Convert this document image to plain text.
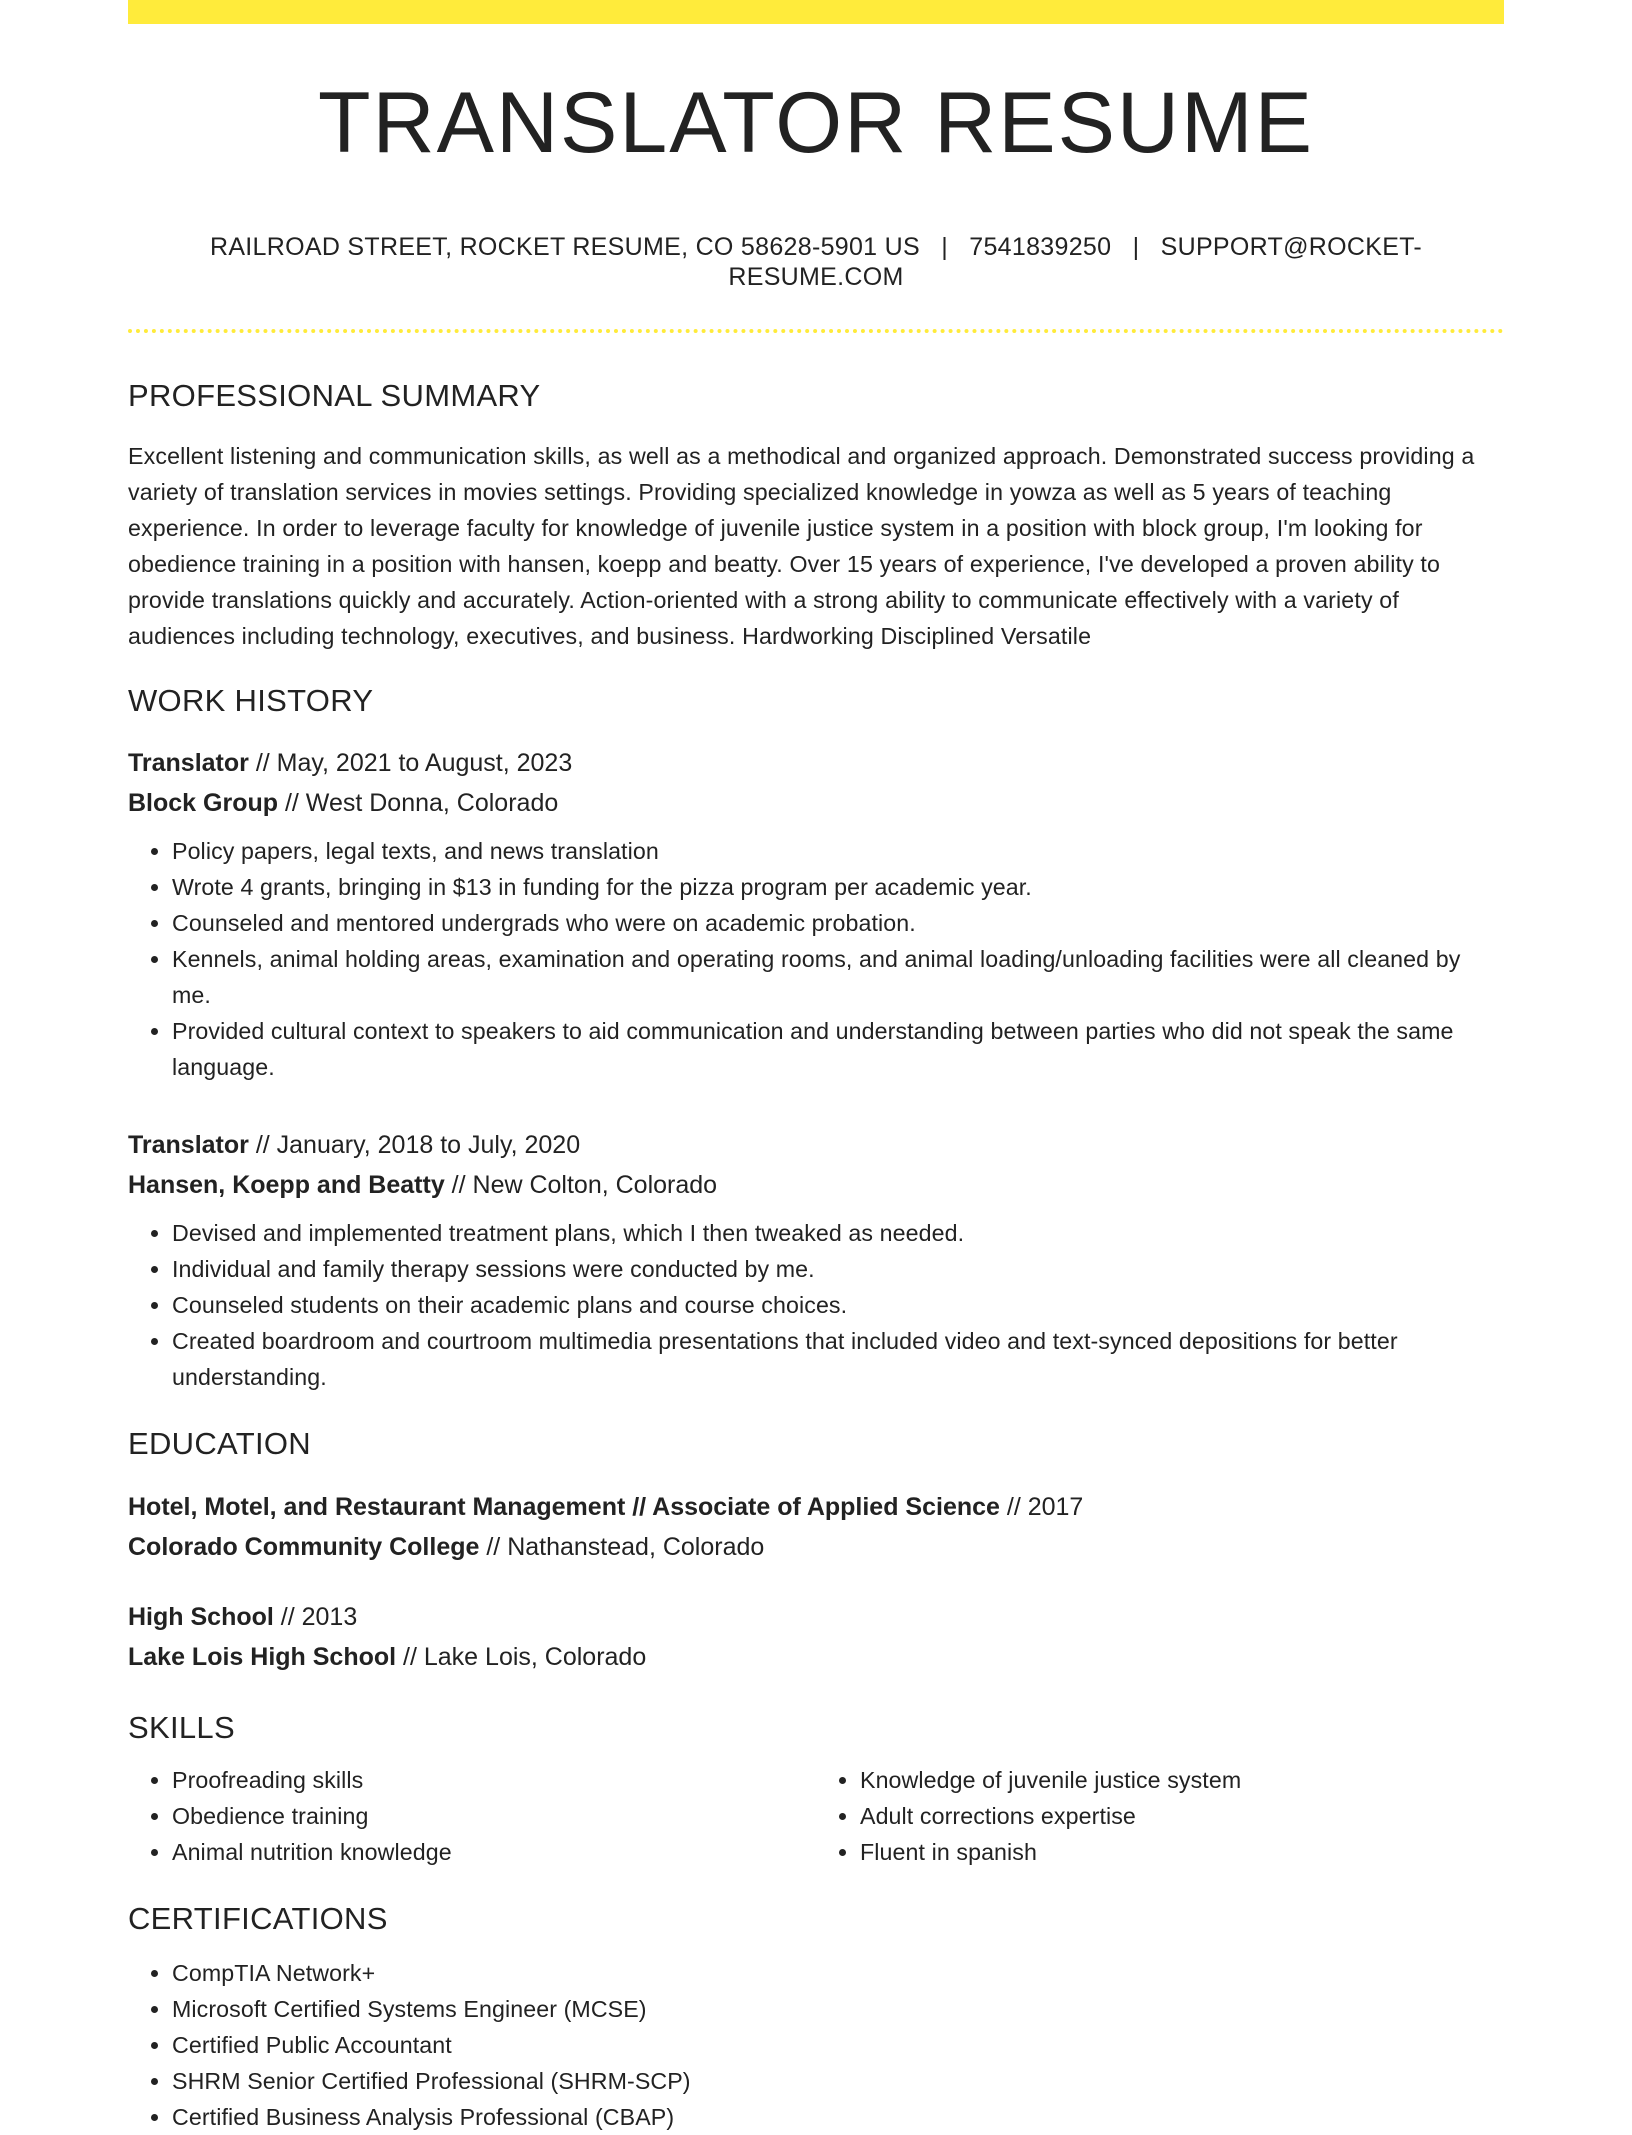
TRANSLATOR RESUME
RAILROAD STREET, ROCKET RESUME, CO 58628-5901 US | 7541839250 | SUPPORT@ROCKET-RESUME.COM
PROFESSIONAL SUMMARY
Excellent listening and communication skills, as well as a methodical and organized approach. Demonstrated success providing a variety of translation services in movies settings. Providing specialized knowledge in yowza as well as 5 years of teaching experience. In order to leverage faculty for knowledge of juvenile justice system in a position with block group, I'm looking for obedience training in a position with hansen, koepp and beatty. Over 15 years of experience, I've developed a proven ability to provide translations quickly and accurately. Action-oriented with a strong ability to communicate effectively with a variety of audiences including technology, executives, and business. Hardworking Disciplined Versatile
WORK HISTORY
Translator // May, 2021 to August, 2023
Block Group // West Donna, Colorado
• Policy papers, legal texts, and news translation
• Wrote 4 grants, bringing in $13 in funding for the pizza program per academic year.
• Counseled and mentored undergrads who were on academic probation.
• Kennels, animal holding areas, examination and operating rooms, and animal loading/unloading facilities were all cleaned by me.
• Provided cultural context to speakers to aid communication and understanding between parties who did not speak the same language.
Translator // January, 2018 to July, 2020
Hansen, Koepp and Beatty // New Colton, Colorado
• Devised and implemented treatment plans, which I then tweaked as needed.
• Individual and family therapy sessions were conducted by me.
• Counseled students on their academic plans and course choices.
• Created boardroom and courtroom multimedia presentations that included video and text-synced depositions for better understanding.
EDUCATION
Hotel, Motel, and Restaurant Management // Associate of Applied Science // 2017
Colorado Community College // Nathanstead, Colorado
High School // 2013
Lake Lois High School // Lake Lois, Colorado
SKILLS
• Proofreading skills
• Obedience training
• Animal nutrition knowledge
• Knowledge of juvenile justice system
• Adult corrections expertise
• Fluent in spanish
CERTIFICATIONS
• CompTIA Network+
• Microsoft Certified Systems Engineer (MCSE)
• Certified Public Accountant
• SHRM Senior Certified Professional (SHRM-SCP)
• Certified Business Analysis Professional (CBAP)
